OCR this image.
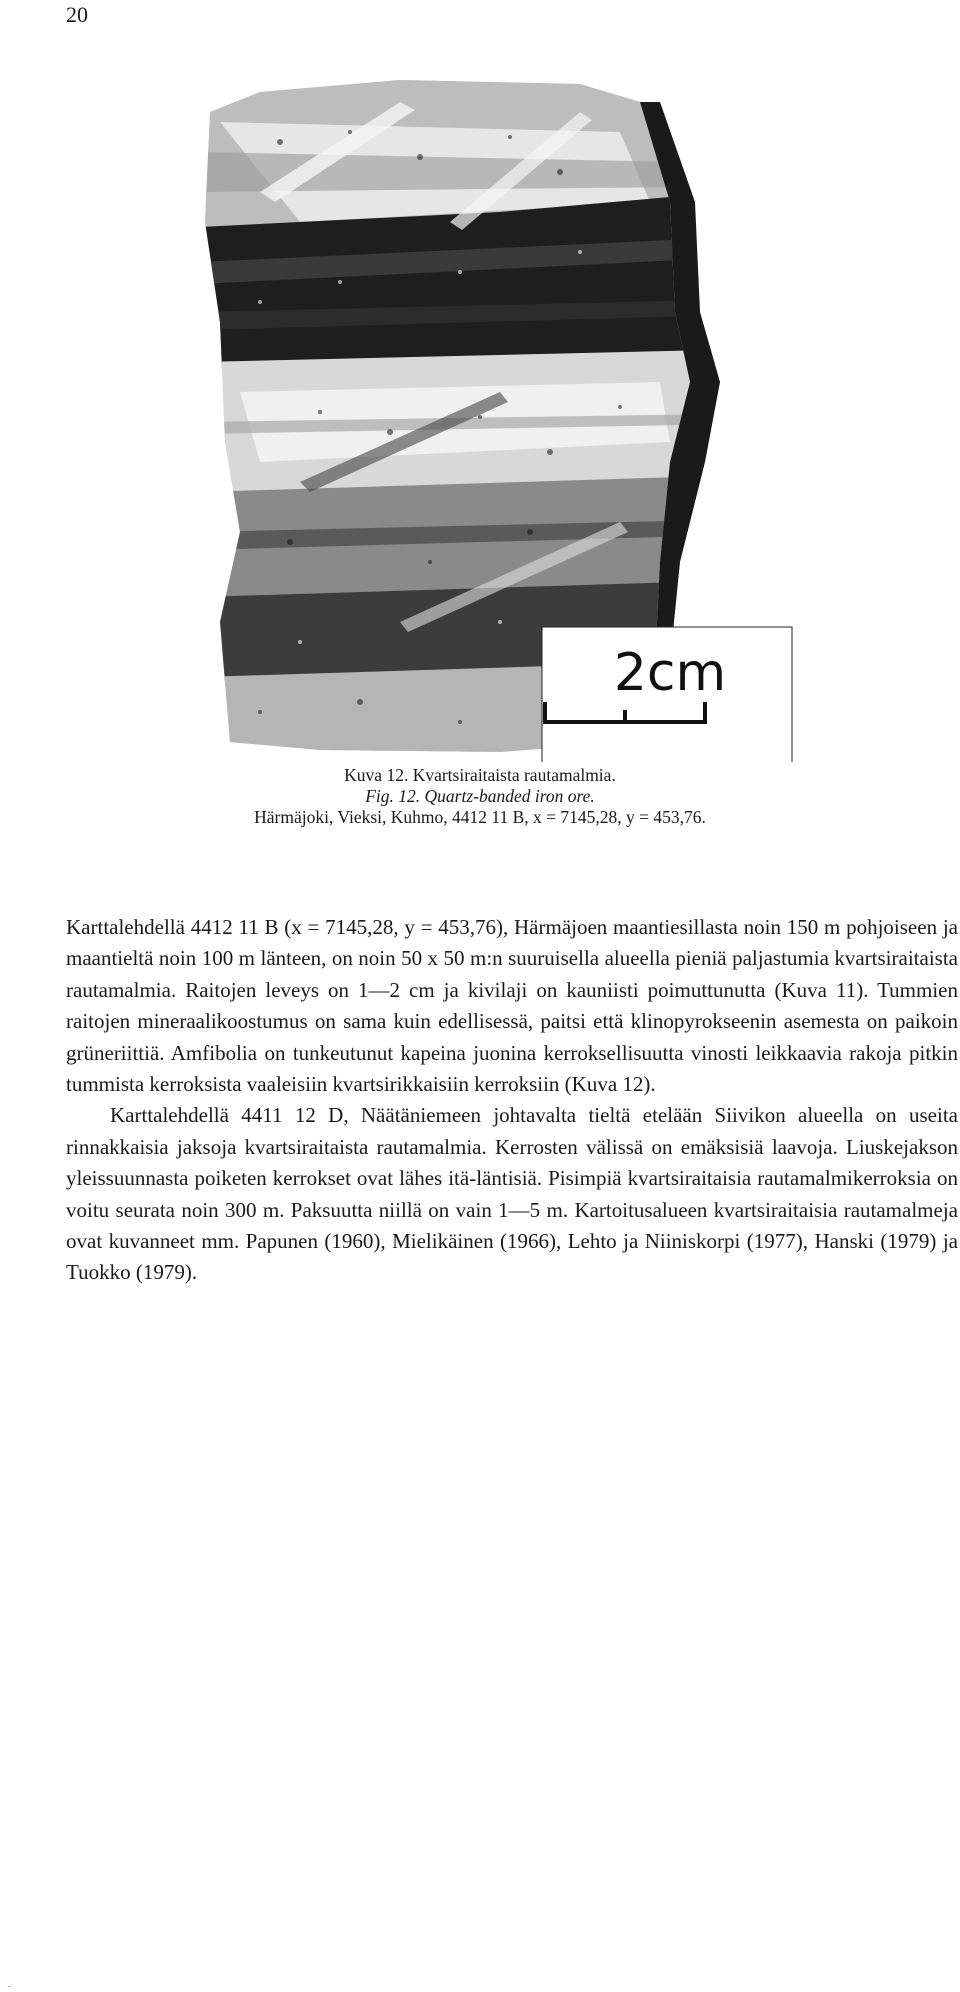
20
2cm
Kuva 12. Kvartsiraitaista rautamalmia.
Fig. 12. Quartz-banded iron ore.
Härmäjoki, Vieksi, Kuhmo, 4412 11 B, x = 7145,28, y = 453,76.

Karttalehdellä 4412 11 B (x = 7145,28, y = 453,76), Härmäjoen maantiesillasta noin 150 m pohjoiseen ja maantieltä noin 100 m länteen, on noin 50 x 50 m:n suuruisella alueella pieniä paljastumia kvartsiraitaista rautamalmia. Raitojen leveys on 1—2 cm ja kivilaji on kauniisti poimuttunutta (Kuva 11). Tummien raitojen mineraalikoostumus on sama kuin edellisessä, paitsi että klinopyrokseenin asemesta on paikoin grüneriittiä. Amfibolia on tunkeutunut kapeina juonina kerroksellisuutta vinosti leikkaavia rakoja pitkin tummista kerroksista vaaleisiin kvartsirikkaisiin kerroksiin (Kuva 12).

Karttalehdellä 4411 12 D, Näätäniemeen johtavalta tieltä etelään Siivikon alueella on useita rinnakkaisia jaksoja kvartsiraitaista rautamalmia. Kerrosten välissä on emäksisiä laavoja. Liuskejakson yleissuunnasta poiketen kerrokset ovat lähes itä-läntisiä. Pisimpiä kvartsiraitaisia rautamalmikerroksia on voitu seurata noin 300 m. Paksuutta niillä on vain 1—5 m. Kartoitusalueen kvartsiraitaisia rautamalmeja ovat kuvanneet mm. Papunen (1960), Mielikäinen (1966), Lehto ja Niiniskorpi (1977), Hanski (1979) ja Tuokko (1979).

.
